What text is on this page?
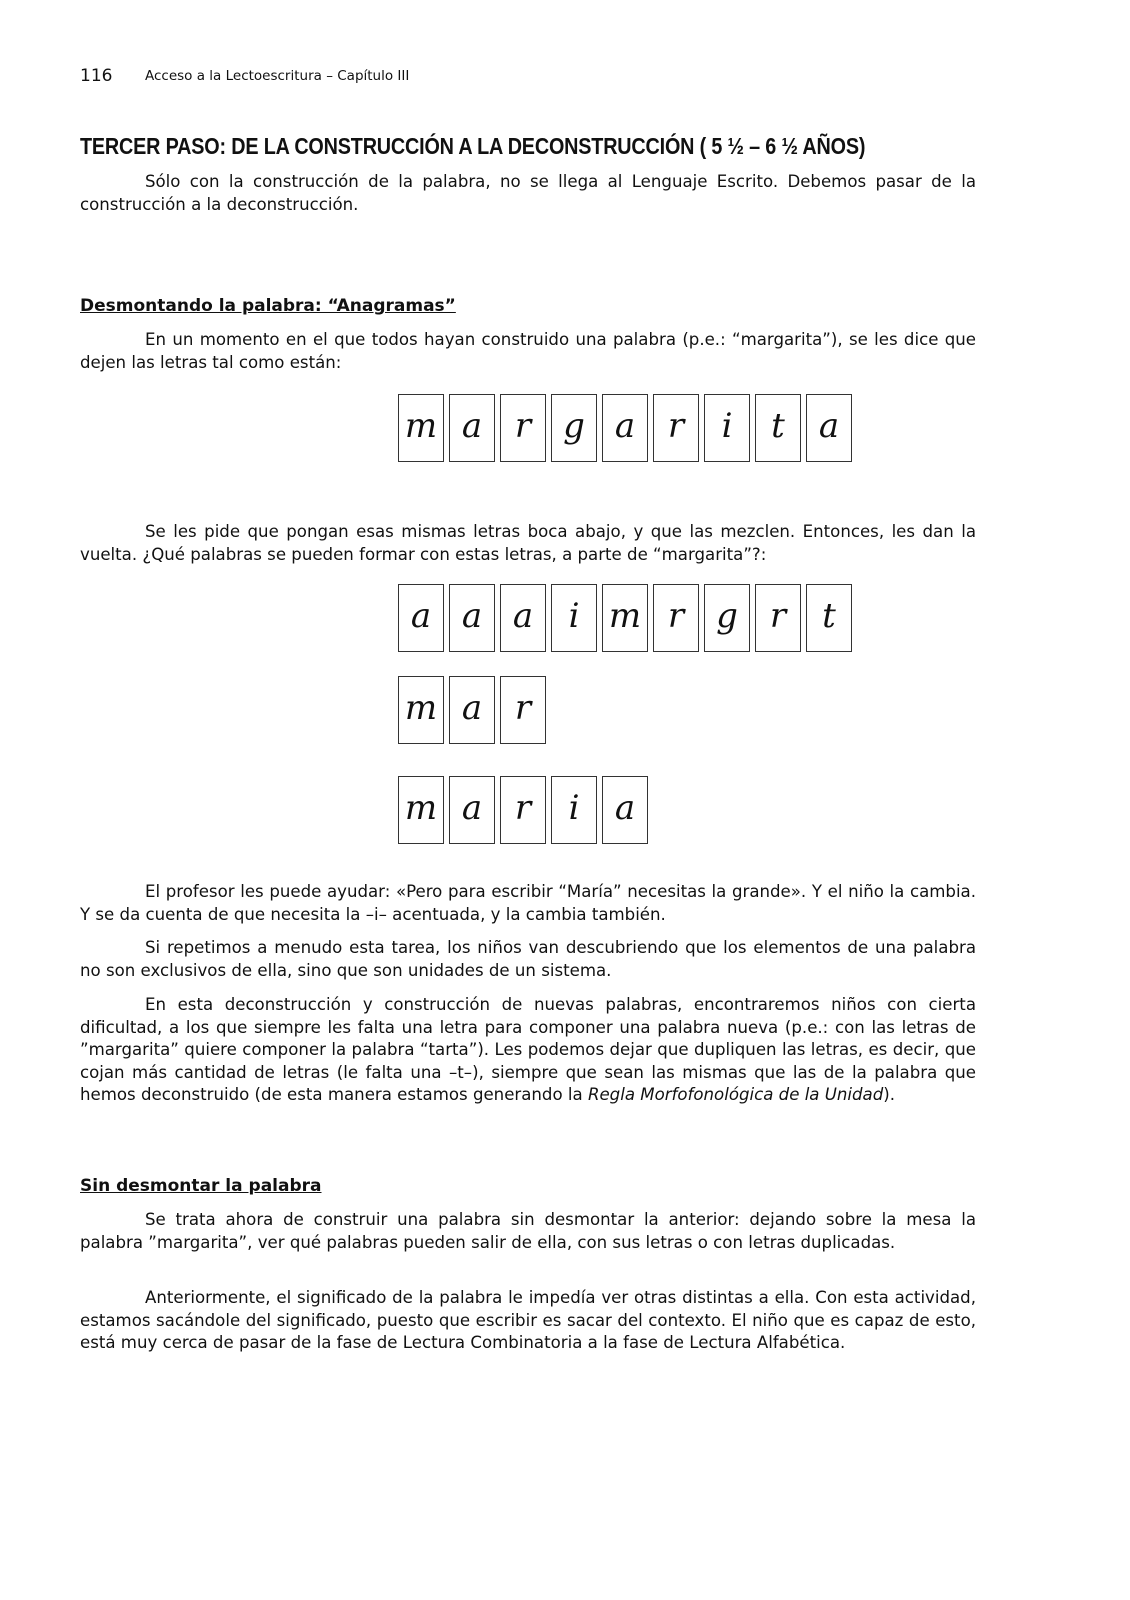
116 Acceso a la Lectoescritura – Capítulo III
TERCER PASO: DE LA CONSTRUCCIÓN A LA DECONSTRUCCIÓN ( 5 ½ – 6 ½ AÑOS)

Sólo con la construcción de la palabra, no se llega al Lenguaje Escrito. Debemos pasar de la construcción a la deconstrucción.

Desmontando la palabra: “Anagramas”

En un momento en el que todos hayan construido una palabra (p.e.: “margarita”), se les dice que dejen las letras tal como están:

m a r g a r	i	t	a

Se les pide que pongan esas mismas letras boca abajo, y que las mezclen. Entonces, les dan la vuelta. ¿Qué palabras se pueden formar con estas letras, a parte de “margarita”?:

a a a	i m r g r	t
m a r
m a r	i	a

El profesor les puede ayudar: «Pero para escribir “María” necesitas la grande». Y el niño la cambia. Y se da cuenta de que necesita la –i– acentuada, y la cambia también.

Si repetimos a menudo esta tarea, los niños van descubriendo que los elementos de una palabra no son exclusivos de ella, sino que son unidades de un sistema.

En esta deconstrucción y construcción de nuevas palabras, encontraremos niños con cierta dificultad, a los que siempre les falta una letra para componer una palabra nueva (p.e.: con las letras de ”margarita” quiere componer la palabra “tarta”). Les podemos dejar que dupliquen las letras, es decir, que cojan más cantidad de letras (le falta una –t–), siempre que sean las mismas que las de la palabra que hemos deconstruido (de esta manera estamos generando la Regla Morfofonológica de la Unidad).

Sin desmontar la palabra

Se trata ahora de construir una palabra sin desmontar la anterior: dejando sobre la mesa la palabra ”margarita”, ver qué palabras pueden salir de ella, con sus letras o con letras duplicadas.

Anteriormente, el significado de la palabra le impedía ver otras distintas a ella. Con esta actividad, estamos sacándole del significado, puesto que escribir es sacar del contexto. El niño que es capaz de esto, está muy cerca de pasar de la fase de Lectura Combinatoria a la fase de Lectura Alfabética.
